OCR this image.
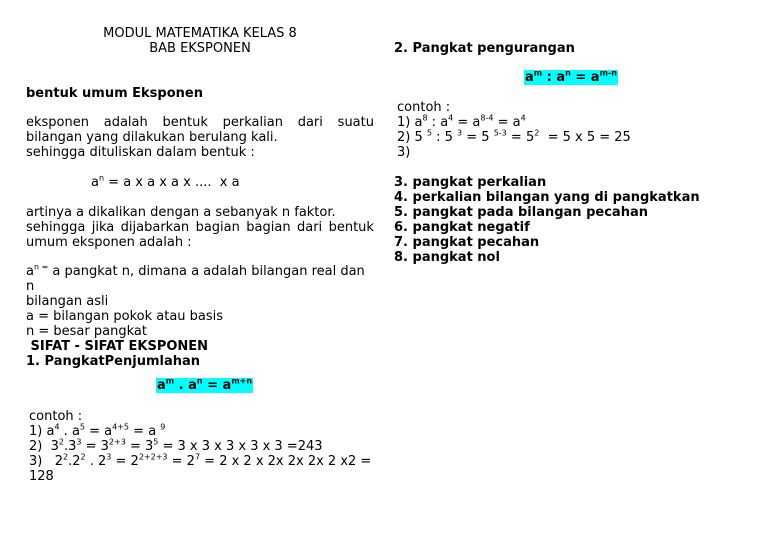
MODUL MATEMATIKA KELAS 8
BAB EKSPONEN
bentuk umum Eksponen
eksponen adalah bentuk perkalian dari suatu
bilangan yang dilakukan berulang kali.
sehingga dituliskan dalam bentuk :
$a^n = a$ x a x a x ....  x a
artinya a dikalikan dengan a sebanyak n faktor.
sehingga jika dijabarkan bagian bagian dari bentuk
umum eksponen adalah :
$a^{n =}$ a pangkat n, dimana a adalah bilangan real dan n
bilangan asli
a = bilangan pokok atau basis
n = besar pangkat
SIFAT - SIFAT EKSPONEN
1. PangkatPenjumlahan
$a^m$ . $a^n = a^{m+n}$
contoh :
1) $a^4$ . $a^5 = a^{4+5} = a$ $^9$
2)  $3^2.3^3 = 3^{2+3} = 3^5 = 3$ x 3 x 3 x 3 x 3 =243
3)   $2^2.2^2$ . $2^3 = 2^{2+2+3} = 2^7 = 2$ x 2 x 2x 2x 2x 2 x2 =
128
2. Pangkat pengurangan
$a^m$ : $a^n = a^{m-n}$
contoh :
1) $a^8$ : $a^4 = a^{8-4} = a^4$
2) 5 $^5$ : 5 $^3$ = 5 $^{5-3} = 5^2 = 5$ x 5 = 25
3)
3. pangkat perkalian
4. perkalian bilangan yang di pangkatkan
5. pangkat pada bilangan pecahan
6. pangkat negatif
7. pangkat pecahan
8. pangkat nol
